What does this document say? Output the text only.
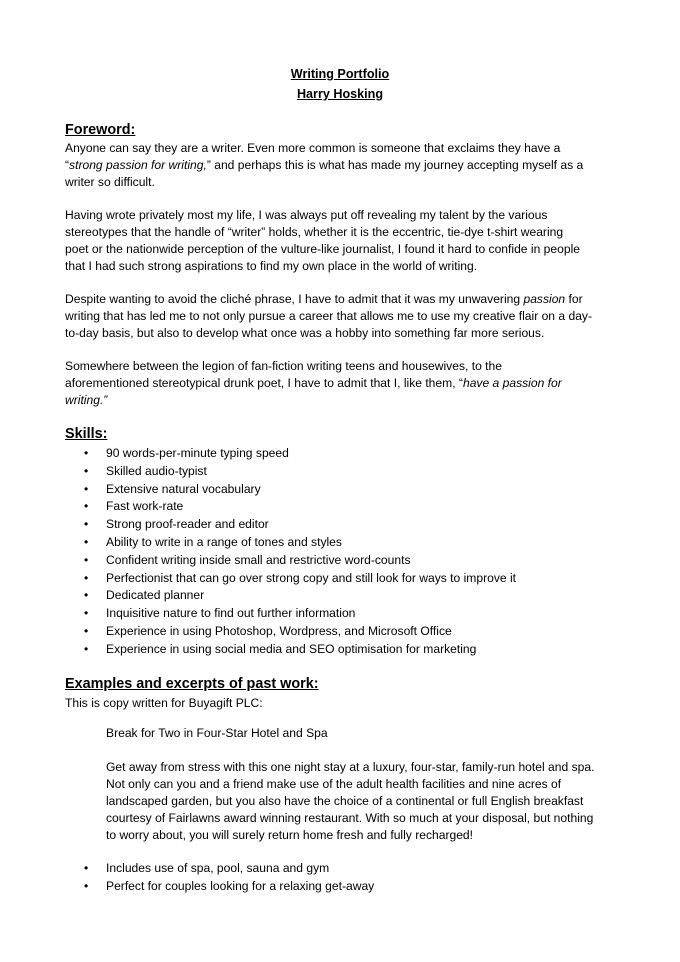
Writing Portfolio
Harry Hosking
Foreword:
Anyone can say they are a writer. Even more common is someone that exclaims they have a
“strong passion for writing,” and perhaps this is what has made my journey accepting myself as a
writer so difficult.
Having wrote privately most my life, I was always put off revealing my talent by the various
stereotypes that the handle of “writer” holds, whether it is the eccentric, tie-dye t-shirt wearing
poet or the nationwide perception of the vulture-like journalist, I found it hard to confide in people
that I had such strong aspirations to find my own place in the world of writing.
Despite wanting to avoid the cliché phrase, I have to admit that it was my unwavering passion for
writing that has led me to not only pursue a career that allows me to use my creative flair on a day-
to-day basis, but also to develop what once was a hobby into something far more serious.
Somewhere between the legion of fan-fiction writing teens and housewives, to the
aforementioned stereotypical drunk poet, I have to admit that I, like them, “have a passion for
writing.”
Skills:
• 90 words-per-minute typing speed
• Skilled audio-typist
• Extensive natural vocabulary
• Fast work-rate
• Strong proof-reader and editor
• Ability to write in a range of tones and styles
• Confident writing inside small and restrictive word-counts
• Perfectionist that can go over strong copy and still look for ways to improve it
• Dedicated planner
• Inquisitive nature to find out further information
• Experience in using Photoshop, Wordpress, and Microsoft Office
• Experience in using social media and SEO optimisation for marketing
Examples and excerpts of past work:
This is copy written for Buyagift PLC:
Break for Two in Four-Star Hotel and Spa
Get away from stress with this one night stay at a luxury, four-star, family-run hotel and spa.
Not only can you and a friend make use of the adult health facilities and nine acres of
landscaped garden, but you also have the choice of a continental or full English breakfast
courtesy of Fairlawns award winning restaurant. With so much at your disposal, but nothing
to worry about, you will surely return home fresh and fully recharged!
• Includes use of spa, pool, sauna and gym
• Perfect for couples looking for a relaxing get-away
